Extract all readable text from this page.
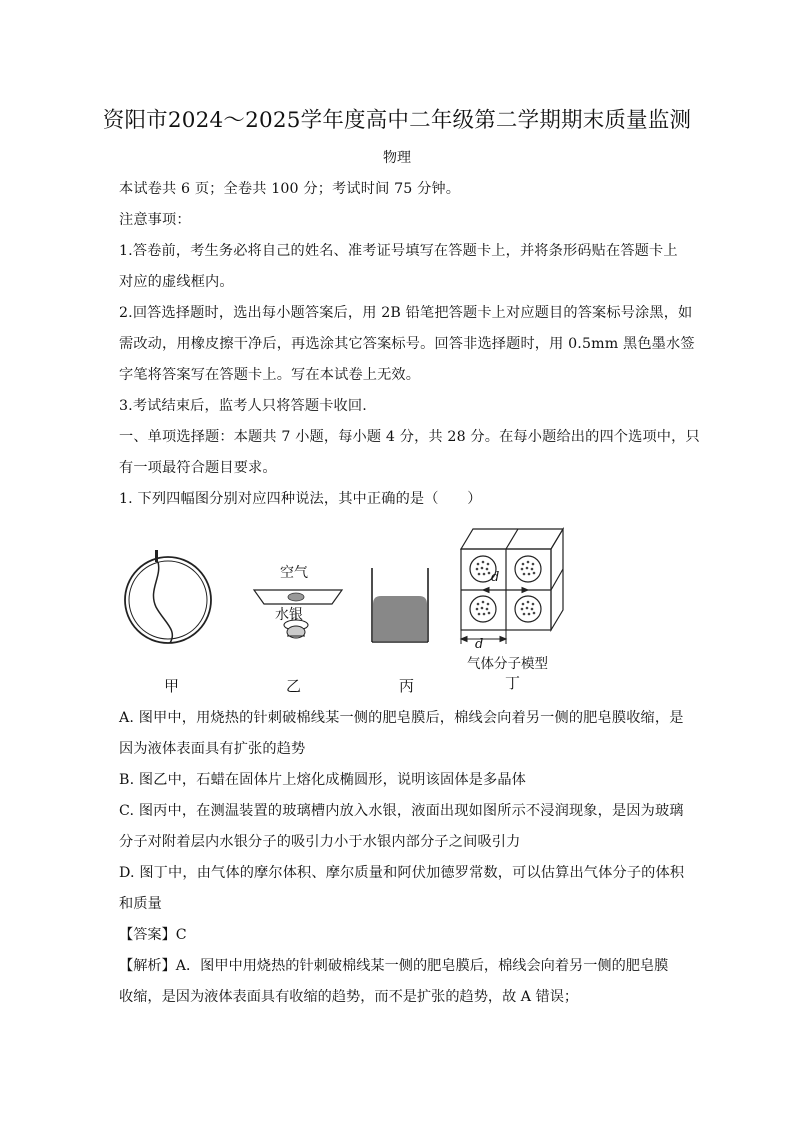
资阳市2024～2025学年度高中二年级第二学期期末质量监测
物理
本试卷共 6 页；全卷共 100 分；考试时间 75 分钟。
注意事项：
1.答卷前，考生务必将自己的姓名、准考证号填写在答题卡上，并将条形码贴在答题卡上
对应的虚线框内。
2.回答选择题时，选出每小题答案后，用 2B 铅笔把答题卡上对应题目的答案标号涂黑，如
需改动，用橡皮擦干净后，再选涂其它答案标号。回答非选择题时，用 0.5mm 黑色墨水签
字笔将答案写在答题卡上。写在本试卷上无效。
3.考试结束后，监考人只将答题卡收回.
一、单项选择题：本题共 7 小题，每小题 4 分，共 28 分。在每小题给出的四个选项中，只
有一项最符合题目要求。
1. 下列四幅图分别对应四种说法，其中正确的是（　　）
空气
水银
d
d
气体分子模型
甲	乙	丙	丁
A. 图甲中，用烧热的针刺破棉线某一侧的肥皂膜后，棉线会向着另一侧的肥皂膜收缩，是
因为液体表面具有扩张的趋势
B. 图乙中，石蜡在固体片上熔化成椭圆形，说明该固体是多晶体
C. 图丙中，在测温装置的玻璃槽内放入水银，液面出现如图所示不浸润现象，是因为玻璃
分子对附着层内水银分子的吸引力小于水银内部分子之间吸引力
D. 图丁中，由气体的摩尔体积、摩尔质量和阿伏加德罗常数，可以估算出气体分子的体积
和质量
【答案】C
【解析】A．图甲中用烧热的针刺破棉线某一侧的肥皂膜后，棉线会向着另一侧的肥皂膜
收缩，是因为液体表面具有收缩的趋势，而不是扩张的趋势，故 A 错误；
